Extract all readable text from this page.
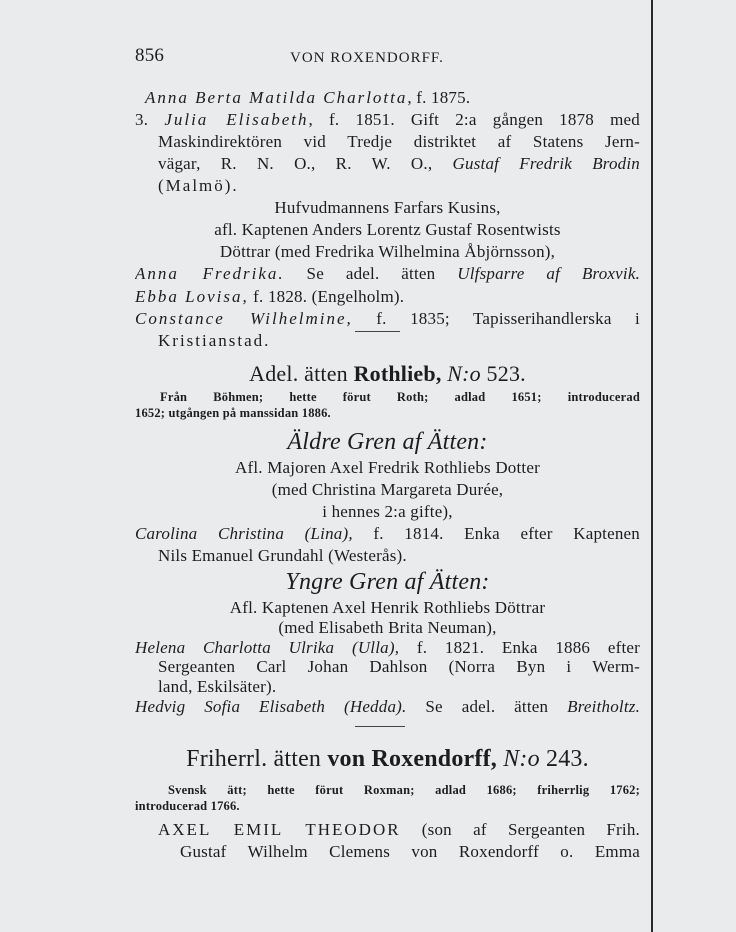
856	VON ROXENDORFF.
Anna Berta Matilda Charlotta, f. 1875.
3. Julia Elisabeth, f. 1851. Gift 2:a gången 1878 med
Maskindirektören vid Tredje distriktet af Statens Jern-
vägar, R. N. O., R. W. O., Gustaf Fredrik Brodin
(Malmö).
Hufvudmannens Farfars Kusins,
afl. Kaptenen Anders Lorentz Gustaf Rosentwists
Döttrar (med Fredrika Wilhelmina Åbjörnsson),
Anna Fredrika. Se adel. ätten Ulfsparre af Broxvik.
Ebba Lovisa, f. 1828. (Engelholm).
Constance Wilhelmine, f. 1835; Tapisserihandlerska i
Kristianstad.
Adel. ätten Rothlieb, N:o 523.
Från Böhmen; hette förut Roth; adlad 1651; introducerad
1652; utgången på manssidan 1886.
Äldre Gren af Ätten:
Afl. Majoren Axel Fredrik Rothliebs Dotter
(med Christina Margareta Durée,
i hennes 2:a gifte),
Carolina Christina (Lina), f. 1814. Enka efter Kaptenen
Nils Emanuel Grundahl (Westerås).
Yngre Gren af Ätten:
Afl. Kaptenen Axel Henrik Rothliebs Döttrar
(med Elisabeth Brita Neuman),
Helena Charlotta Ulrika (Ulla), f. 1821. Enka 1886 efter
Sergeanten Carl Johan Dahlson (Norra Byn i Werm-
land, Eskilsäter).
Hedvig Sofia Elisabeth (Hedda). Se adel. ätten Breitholtz.
Friherrl. ätten von Roxendorff, N:o 243.
Svensk ätt; hette förut Roxman; adlad 1686; friherrlig 1762;
introducerad 1766.
AXEL EMIL THEODOR (son af Sergeanten Frih.
Gustaf Wilhelm Clemens von Roxendorff o. Emma
